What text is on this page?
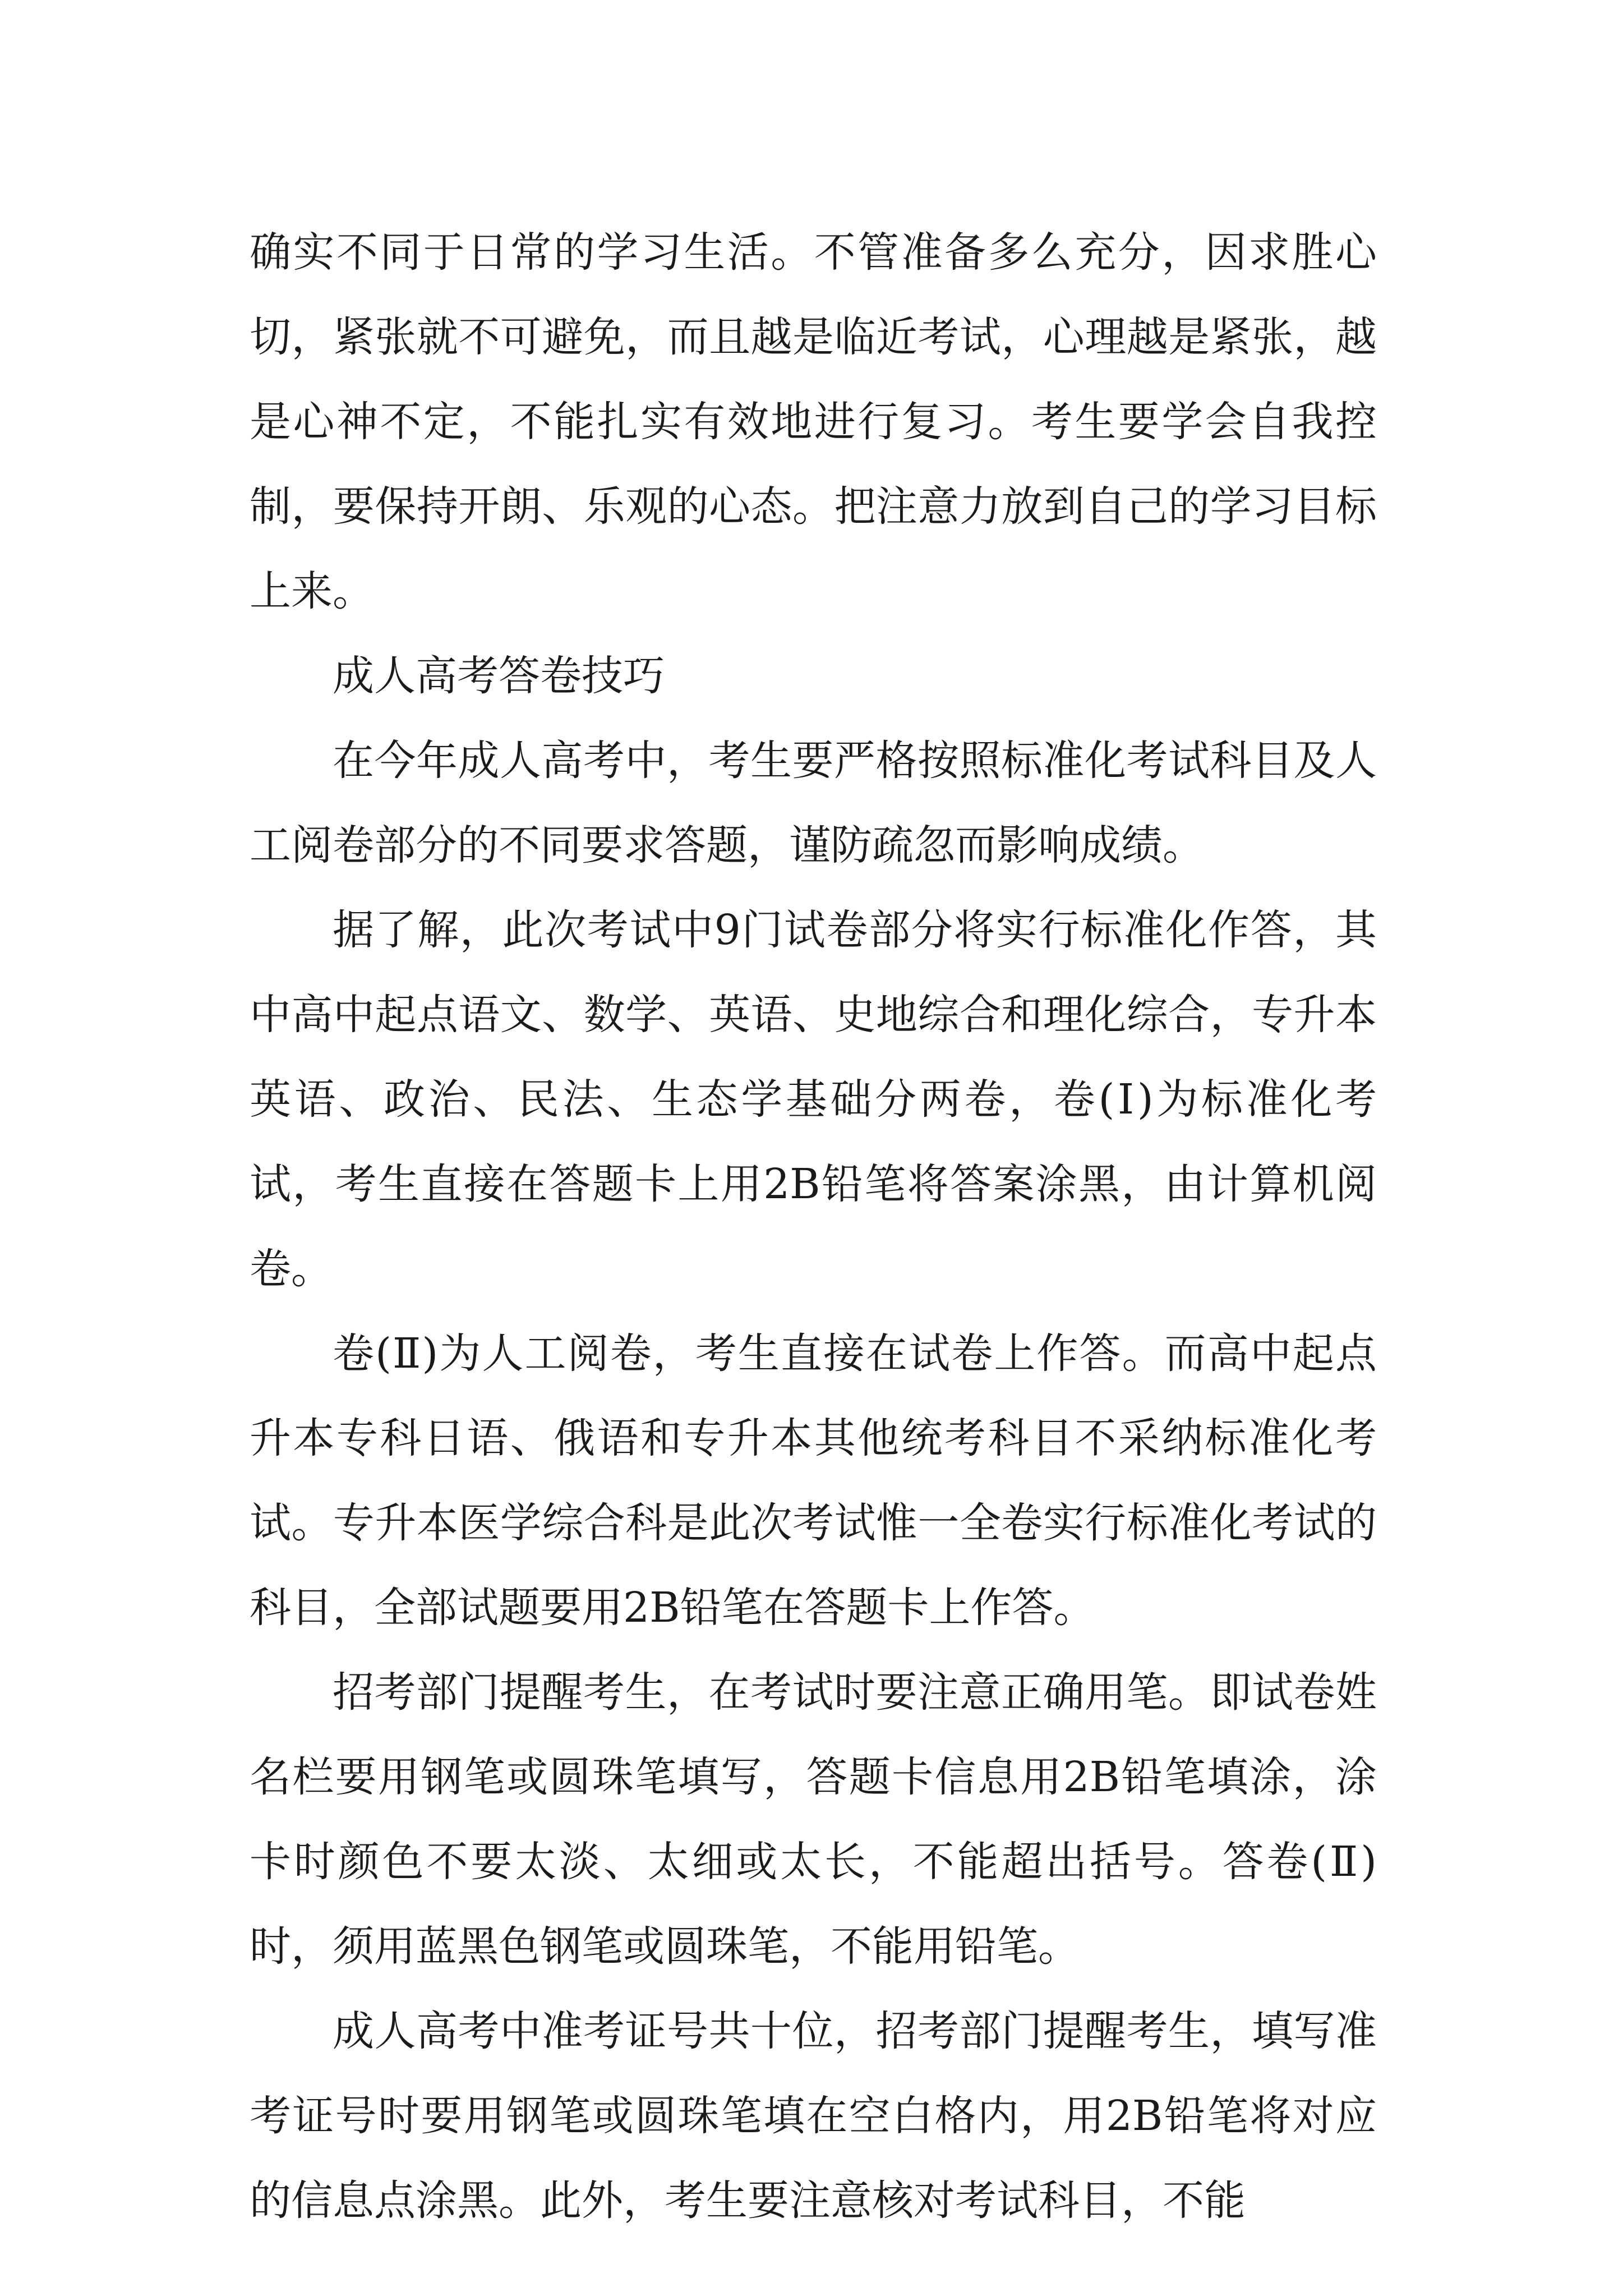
确实不同于日常的学习生活。不管准备多么充分，因求胜心切，紧张就不可避免，而且越是临近考试，心理越是紧张，越是心神不定，不能扎实有效地进行复习。考生要学会自我控制，要保持开朗、乐观的心态。把注意力放到自己的学习目标上来。

成人高考答卷技巧

在今年成人高考中，考生要严格按照标准化考试科目及人工阅卷部分的不同要求答题，谨防疏忽而影响成绩。

据了解，此次考试中9门试卷部分将实行标准化作答，其中高中起点语文、数学、英语、史地综合和理化综合，专升本英语、政治、民法、生态学基础分两卷，卷(Ⅰ)为标准化考试，考生直接在答题卡上用2B铅笔将答案涂黑，由计算机阅卷。

卷(Ⅱ)为人工阅卷，考生直接在试卷上作答。而高中起点升本专科日语、俄语和专升本其他统考科目不采纳标准化考试。专升本医学综合科是此次考试惟一全卷实行标准化考试的科目，全部试题要用2B铅笔在答题卡上作答。

招考部门提醒考生，在考试时要注意正确用笔。即试卷姓名栏要用钢笔或圆珠笔填写，答题卡信息用2B铅笔填涂，涂卡时颜色不要太淡、太细或太长，不能超出括号。答卷(Ⅱ)时，须用蓝黑色钢笔或圆珠笔，不能用铅笔。

成人高考中准考证号共十位，招考部门提醒考生，填写准考证号时要用钢笔或圆珠笔填在空白格内，用2B铅笔将对应的信息点涂黑。此外，考生要注意核对考试科目，不能
